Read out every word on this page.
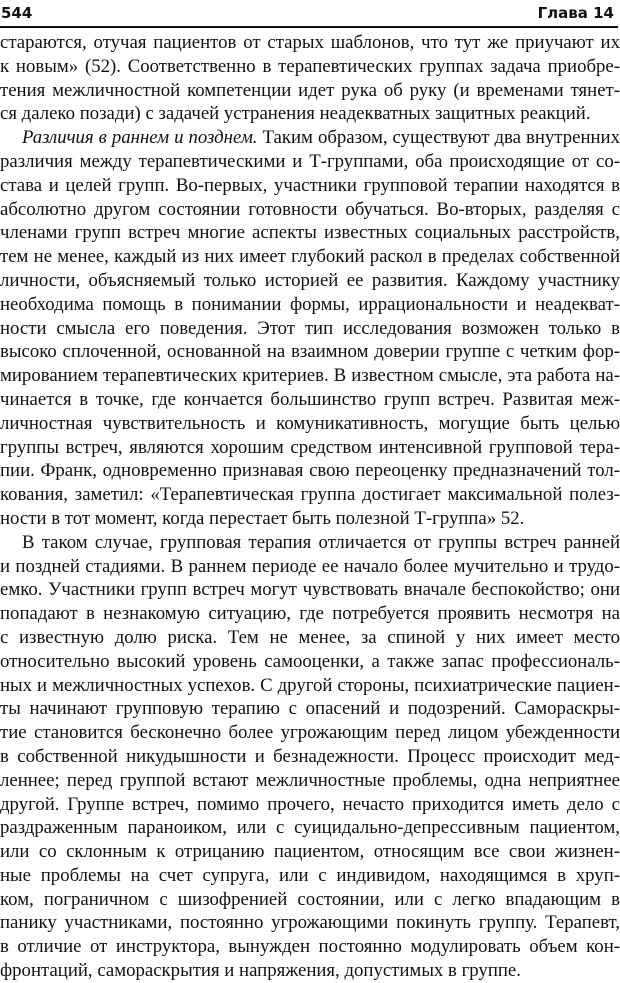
544	Глава 14
стараются, отучая пациентов от старых шаблонов, что тут же приучают их
к новым» (52). Соответственно в терапевтических группах задача приобре-
тения межличностной компетенции идет рука об руку (и временами тянет-
ся далеко позади) с задачей устранения неадекватных защитных реакций.
Различия в раннем и позднем. Таким образом, существуют два внутренних
различия между терапевтическими и Т-группами, оба происходящие от со-
става и целей групп. Во-первых, участники групповой терапии находятся в
абсолютно другом состоянии готовности обучаться. Во-вторых, разделяя с
членами групп встреч многие аспекты известных социальных расстройств,
тем не менее, каждый из них имеет глубокий раскол в пределах собственной
личности, объясняемый только историей ее развития. Каждому участнику
необходима помощь в понимании формы, иррациональности и неадекват-
ности смысла его поведения. Этот тип исследования возможен только в
высоко сплоченной, основанной на взаимном доверии группе с четким фор-
мированием терапевтических критериев. В известном смысле, эта работа на-
чинается в точке, где кончается большинство групп встреч. Развитая меж-
личностная чувствительность и комуникативность, могущие быть целью
группы встреч, являются хорошим средством интенсивной групповой тера-
пии. Франк, одновременно признавая свою переоценку предназначений тол-
кования, заметил: «Терапевтическая группа достигает максимальной полез-
ности в тот момент, когда перестает быть полезной Т-группа» 52.
В таком случае, групповая терапия отличается от группы встреч ранней
и поздней стадиями. В раннем периоде ее начало более мучительно и трудо-
емко. Участники групп встреч могут чувствовать вначале беспокойство; они
попадают в незнакомую ситуацию, где потребуется проявить несмотря на
с известную долю риска. Тем не менее, за спиной у них имеет место
относительно высокий уровень самооценки, а также запас профессиональ-
ных и межличностных успехов. С другой стороны, психиатрические пациен-
ты начинают групповую терапию с опасений и подозрений. Самораскры-
тие становится бесконечно более угрожающим перед лицом убежденности
в собственной никудышности и безнадежности. Процесс происходит мед-
леннее; перед группой встают межличностные проблемы, одна неприятнее
другой. Группе встреч, помимо прочего, нечасто приходится иметь дело с
раздраженным параноиком, или с суицидально-депрессивным пациентом,
или со склонным к отрицанию пациентом, относящим все свои жизнен-
ные проблемы на счет супруга, или с индивидом, находящимся в хруп-
ком, пограничном с шизофренией состоянии, или с легко впадающим в
панику участниками, постоянно угрожающими покинуть группу. Терапевт,
в отличие от инструктора, вынужден постоянно модулировать объем кон-
фронтаций, самораскрытия и напряжения, допустимых в группе.
